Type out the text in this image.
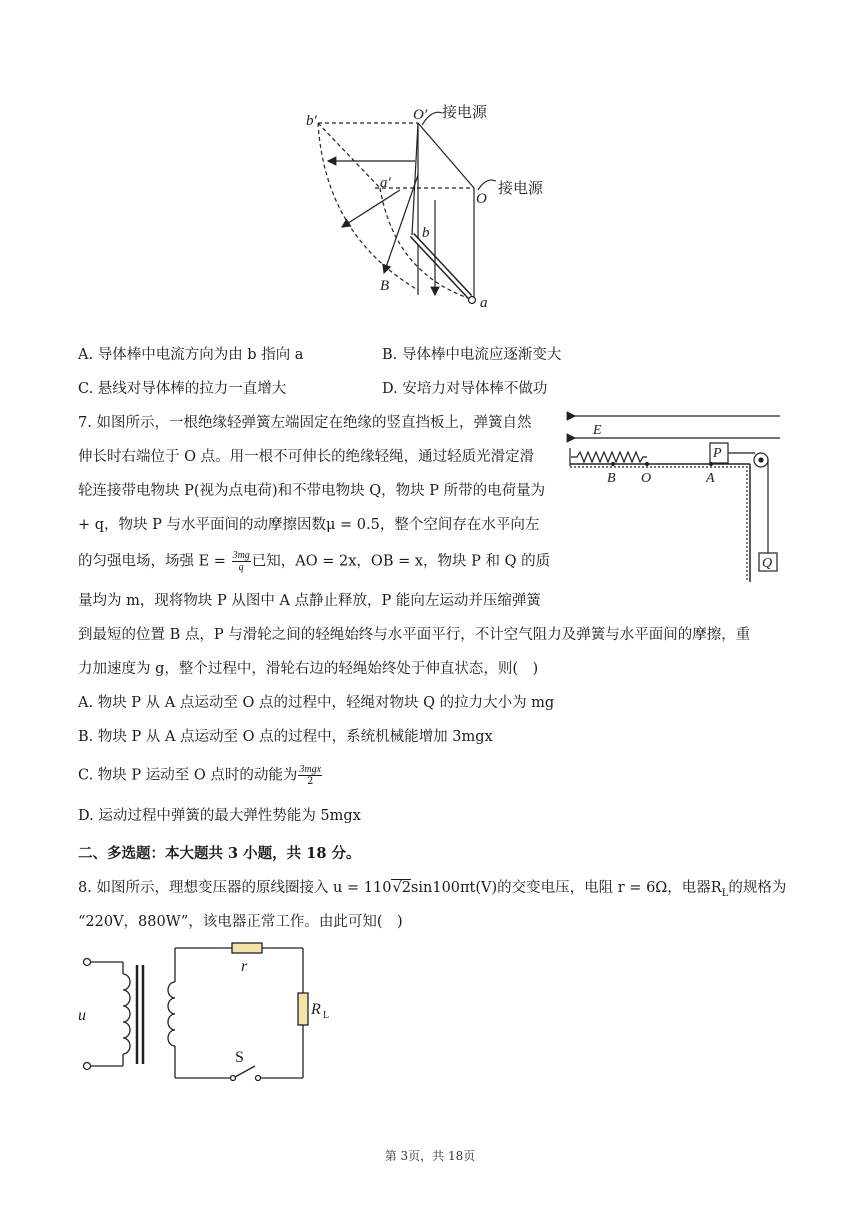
b′	O′
a′
O
b
B
a
接电源
接电源
A. 导体棒中电流方向为由 b 指向 a	B. 导体棒中电流应逐渐变大
C. 悬线对导体棒的拉力一直增大	D. 安培力对导体棒不做功
7. 如图所示，一根绝缘轻弹簧左端固定在绝缘的竖直挡板上，弹簧自然
伸长时右端位于 O 点。用一根不可伸长的绝缘轻绳，通过轻质光滑定滑
轮连接带电物块 P(视为点电荷)和不带电物块 Q，物块 P 所带的电荷量为
+ q，物块 P 与水平面间的动摩擦因数μ = 0.5，整个空间存在水平向左
的匀强电场，场强 $E = \frac{3mg}{q}$ 已知，AO = 2x，OB = x，物块 P 和 Q 的质
量均为 m，现将物块 P 从图中 A 点静止释放，P 能向左运动并压缩弹簧
到最短的位置 B 点，P 与滑轮之间的轻绳始终与水平面平行，不计空气阻力及弹簧与水平面间的摩擦，重
力加速度为 g，整个过程中，滑轮右边的轻绳始终处于伸直状态，则(　)
A. 物块 P 从 A 点运动至 O 点的过程中，轻绳对物块 Q 的拉力大小为 mg
B. 物块 P 从 A 点运动至 O 点的过程中，系统机械能增加 3mgx
C. 物块 P 运动至 O 点时的动能为 $\frac{\text{3mgx}}{2}$
D. 运动过程中弹簧的最大弹性势能为 5mgx
E
P
B O	A
Q
二、多选题：本大题共 3 小题，共 18 分。
8. 如图所示，理想变压器的原线圈接入 u = 110√2sin100πt(V)的交变电压，电阻 r = 6Ω，电器$R_L$的规格为
“220V，880W”，该电器正常工作。由此可知(　)
u
r
R L
S
第 3页，共 18页
